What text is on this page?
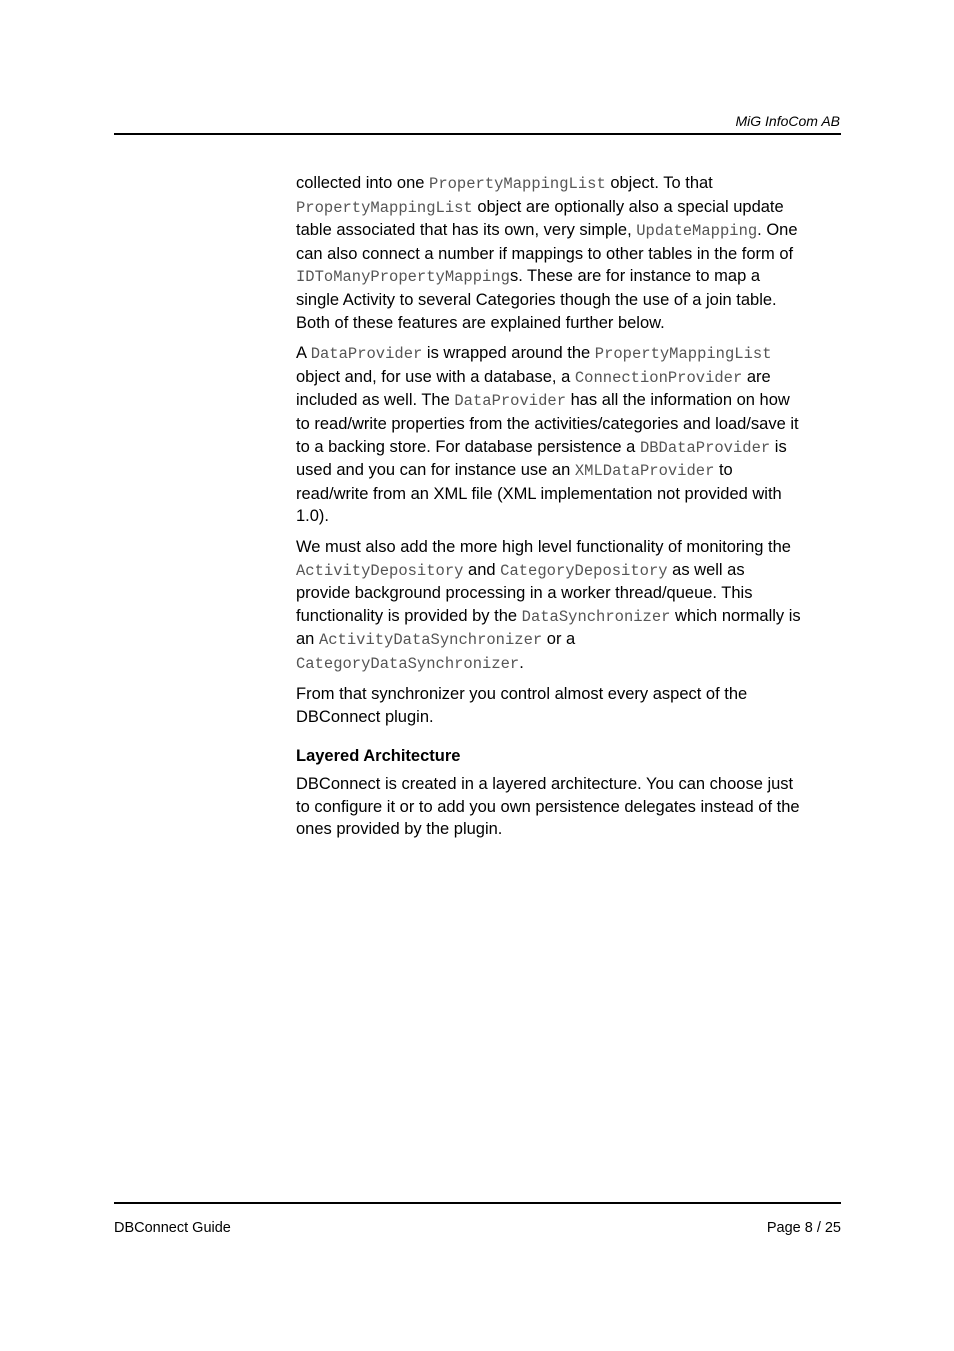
MiG InfoCom AB

collected into one PropertyMappingList object. To that PropertyMappingList object are optionally also a special update table associated that has its own, very simple, UpdateMapping. One can also connect a number if mappings to other tables in the form of IDToManyPropertyMappings. These are for instance to map a single Activity to several Categories though the use of a join table. Both of these features are explained further below.

A DataProvider is wrapped around the PropertyMappingList object and, for use with a database, a ConnectionProvider are included as well. The DataProvider has all the information on how to read/write properties from the activities/categories and load/save it to a backing store. For database persistence a DBDataProvider is used and you can for instance use an XMLDataProvider to read/write from an XML file (XML implementation not provided with 1.0).

We must also add the more high level functionality of monitoring the ActivityDepository and CategoryDepository as well as provide background processing in a worker thread/queue. This functionality is provided by the DataSynchronizer which normally is an ActivityDataSynchronizer or a CategoryDataSynchronizer.

From that synchronizer you control almost every aspect of the DBConnect plugin.

Layered Architecture

DBConnect is created in a layered architecture. You can choose just to configure it or to add you own persistence delegates instead of the ones provided by the plugin.

DBConnect Guide	Page 8 / 25
